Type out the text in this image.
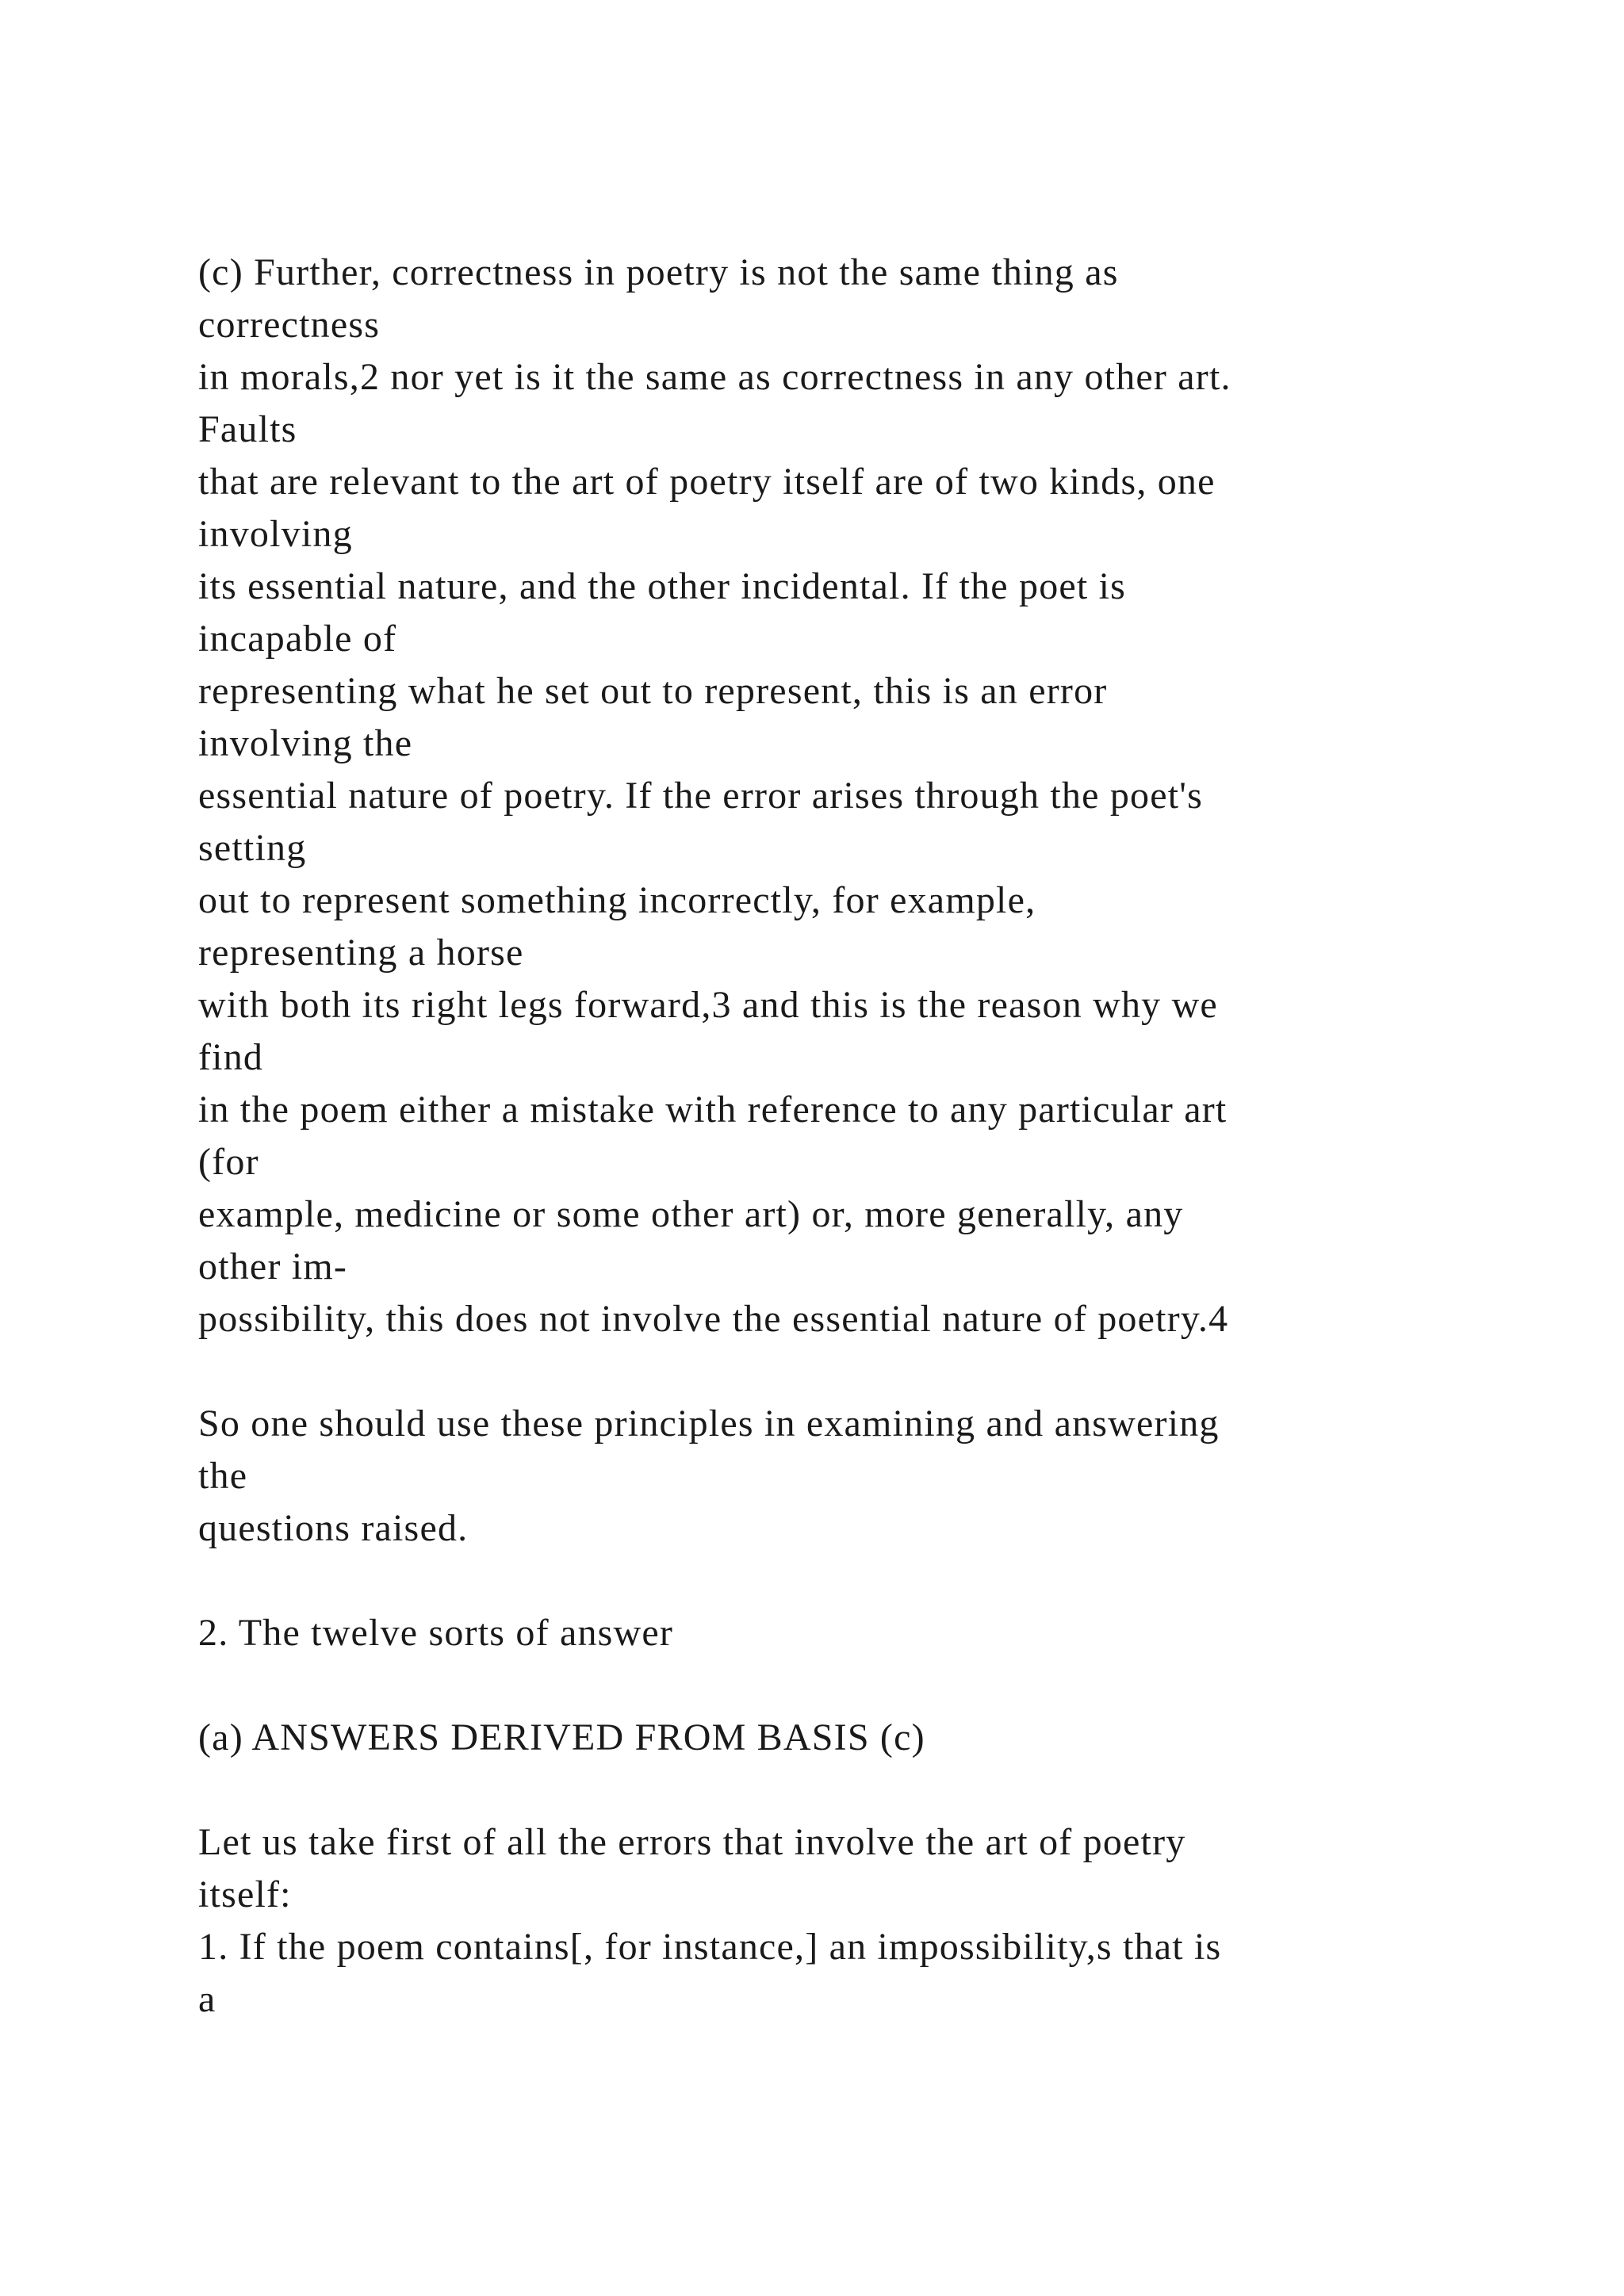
(c) Further, correctness in poetry is not the same thing as
correctness
in morals,2 nor yet is it the same as correctness in any other art.
Faults
that are relevant to the art of poetry itself are of two kinds, one
involving
its essential nature, and the other incidental. If the poet is
incapable of
representing what he set out to represent, this is an error
involving the
essential nature of poetry. If the error arises through the poet's
setting
out to represent something incorrectly, for example,
representing a horse
with both its right legs forward,3 and this is the reason why we
find
in the poem either a mistake with reference to any particular art
(for
example, medicine or some other art) or, more generally, any
other im-
possibility, this does not involve the essential nature of poetry.4
So one should use these principles in examining and answering
the
questions raised.
2. The twelve sorts of answer
(a) ANSWERS DERIVED FROM BASIS (c)
Let us take first of all the errors that involve the art of poetry
itself:
1. If the poem contains[, for instance,] an impossibility,s that is
a
